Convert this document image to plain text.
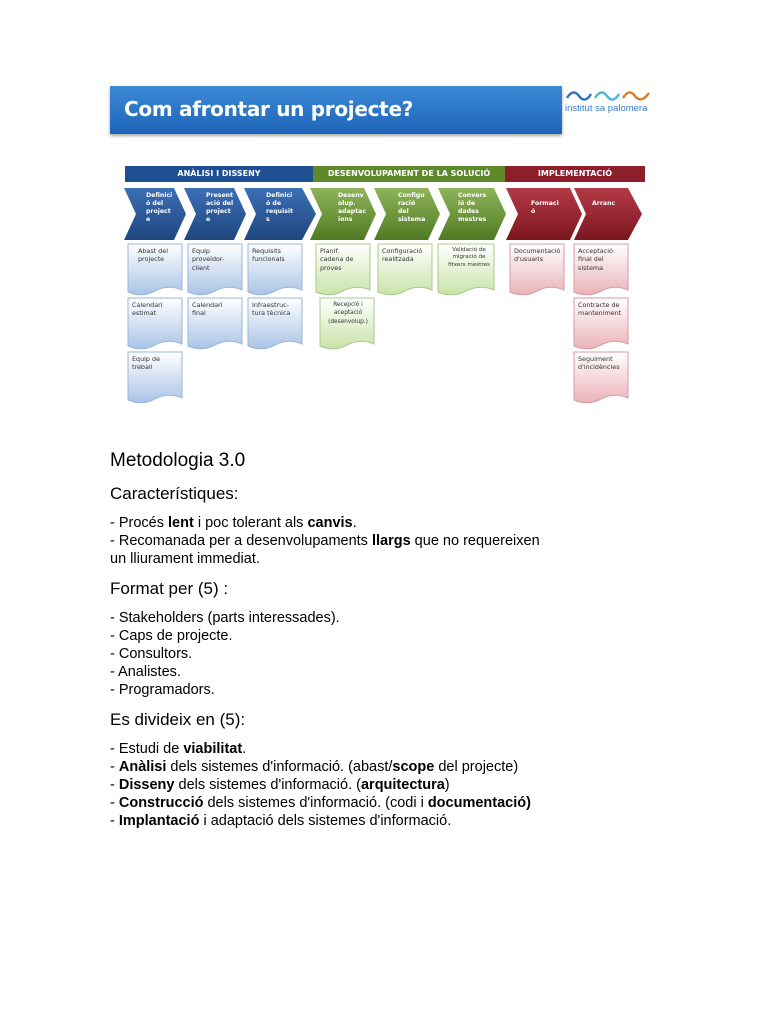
Com afrontar un projecte?	institut sa palomera
ANÀLISI I DISSENY	DESENVOLUPAMENT DE LA SOLUCIÓ	IMPLEMENTACIÓ
Definici ó del project e
Present ació del project e
Definici ó de requisit s
Desenv olup. adaptac ions
Configu ració del sistema
Convers ió de dades mestres
Formaci ó
Arranc
Abast del projecte
Equip proveïdor-client
Requisits funcionals
Planif. cadena de proves
Configuració realitzada
Validació de migració de fitxers mestres
Documentació d'usuaris
Acceptació final del sistema
Calendari estimat
Calendari final
Infraestruc-tura tècnica
Recepció i aceptació (desenvolup.)
Contracte de manteniment
Equip de treball
Seguiment d'incidències
Metodologia 3.0
Característiques:
- Procés lent i poc tolerant als canvis.
- Recomanada per a desenvolupaments llargs que no requereixen
un lliurament immediat.
Format per (5) :
- Stakeholders (parts interessades).
- Caps de projecte.
- Consultors.
- Analistes.
- Programadors.
Es divideix en (5):
- Estudi de viabilitat.
- Anàlisi dels sistemes d'informació. (abast/scope del projecte)
- Disseny dels sistemes d'informació. (arquitectura)
- Construcció dels sistemes d'informació. (codi i documentació)
- Implantació i adaptació dels sistemes d'informació.
